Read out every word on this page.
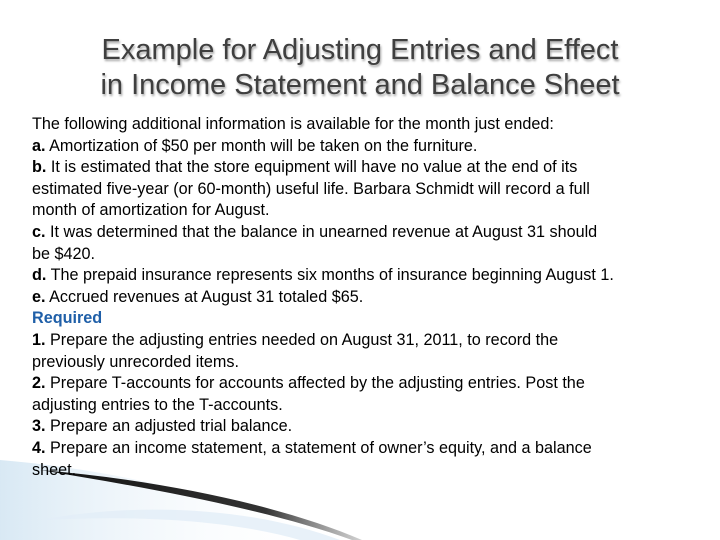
Example for Adjusting Entries and Effect
in Income Statement and Balance Sheet
The following additional information is available for the month just ended:
a. Amortization of $50 per month will be taken on the furniture.
b. It is estimated that the store equipment will have no value at the end of its
estimated five-year (or 60-month) useful life. Barbara Schmidt will record a full
month of amortization for August.
c. It was determined that the balance in unearned revenue at August 31 should
be $420.
d. The prepaid insurance represents six months of insurance beginning August 1.
e. Accrued revenues at August 31 totaled $65.
Required
1. Prepare the adjusting entries needed on August 31, 2011, to record the
previously unrecorded items.
2. Prepare T-accounts for accounts affected by the adjusting entries. Post the
adjusting entries to the T-accounts.
3. Prepare an adjusted trial balance.
4. Prepare an income statement, a statement of owner’s equity, and a balance
sheet.
